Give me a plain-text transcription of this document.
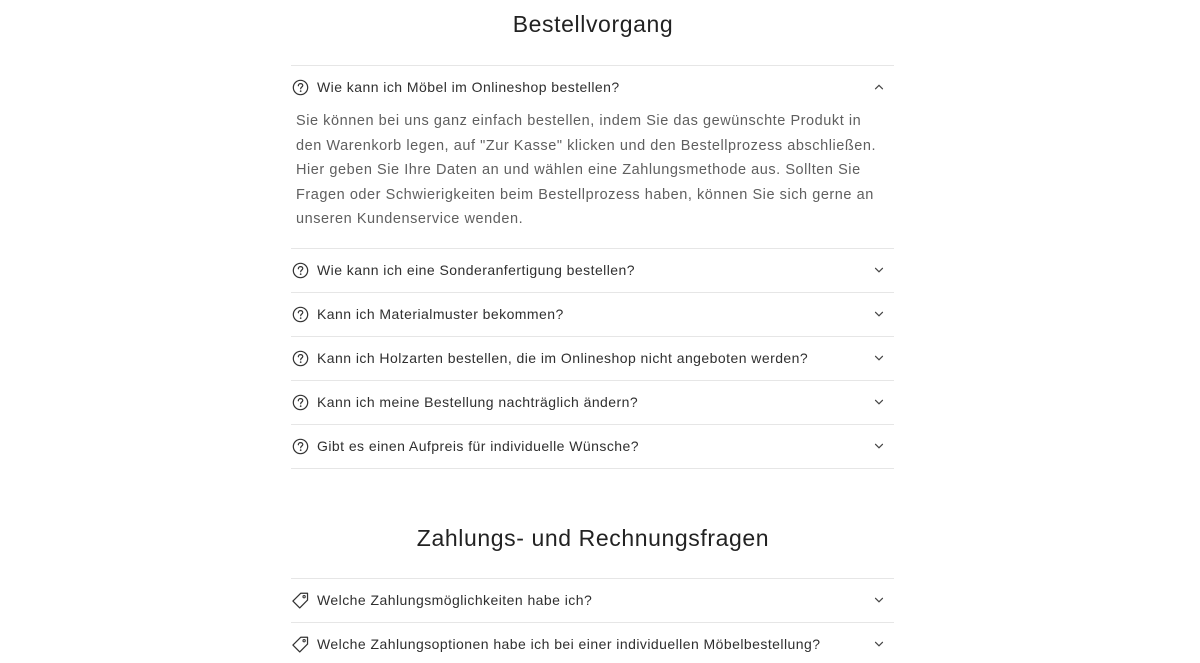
Bestellvorgang
Wie kann ich Möbel im Onlineshop bestellen?
Sie können bei uns ganz einfach bestellen, indem Sie das gewünschte Produkt in den Warenkorb legen, auf "Zur Kasse" klicken und den Bestellprozess abschließen. Hier geben Sie Ihre Daten an und wählen eine Zahlungsmethode aus. Sollten Sie Fragen oder Schwierigkeiten beim Bestellprozess haben, können Sie sich gerne an unseren Kundenservice wenden.
Wie kann ich eine Sonderanfertigung bestellen?
Kann ich Materialmuster bekommen?
Kann ich Holzarten bestellen, die im Onlineshop nicht angeboten werden?
Kann ich meine Bestellung nachträglich ändern?
Gibt es einen Aufpreis für individuelle Wünsche?
Zahlungs- und Rechnungsfragen
Welche Zahlungsmöglichkeiten habe ich?
Welche Zahlungsoptionen habe ich bei einer individuellen Möbelbestellung?
